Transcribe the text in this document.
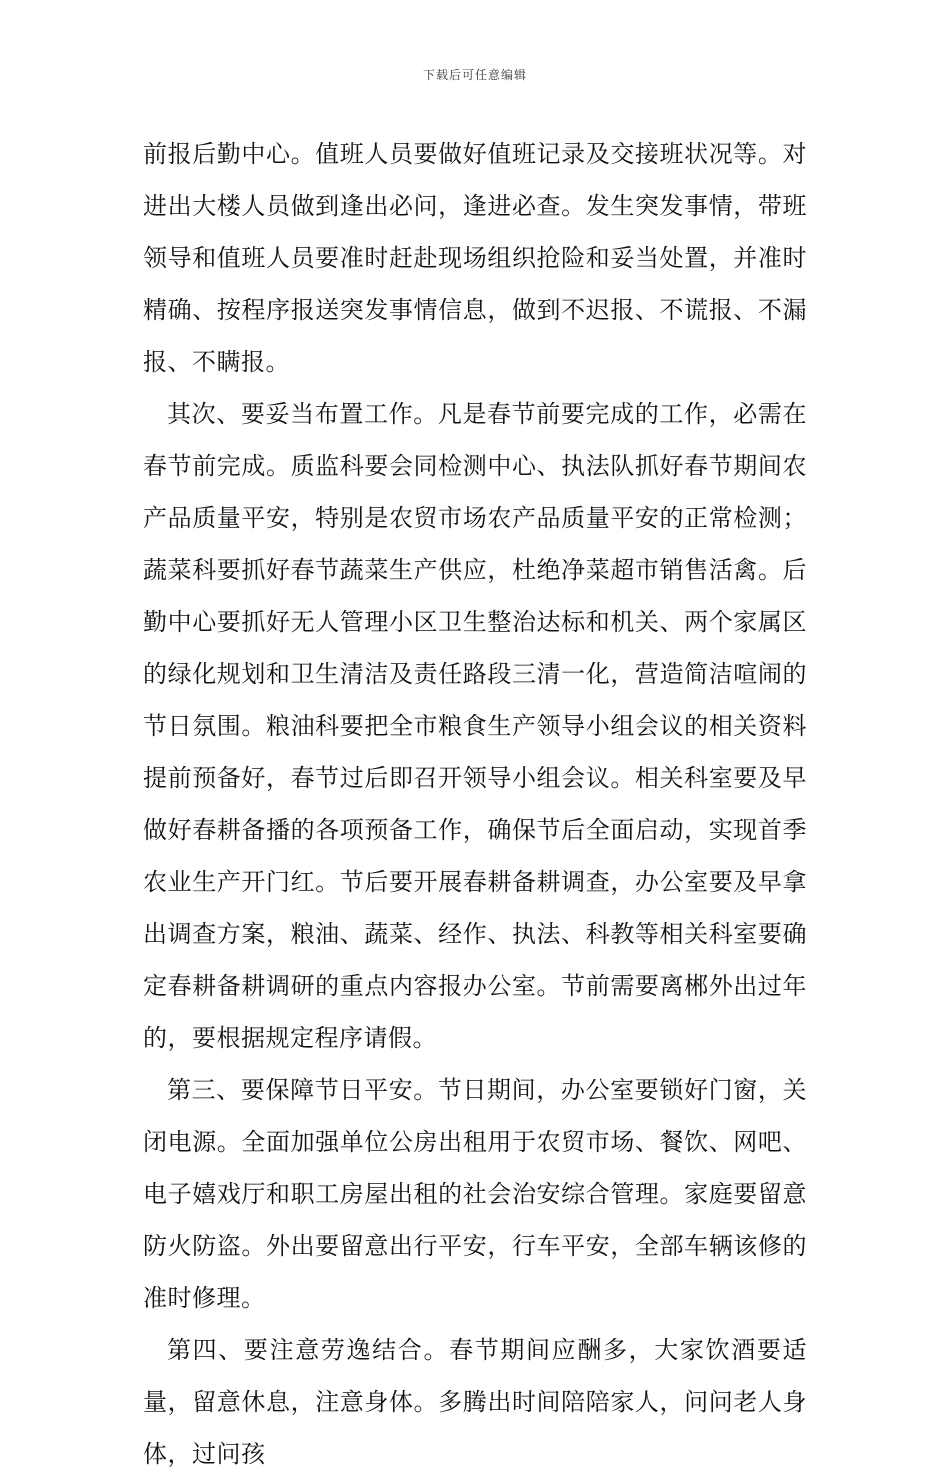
下载后可任意编辑

前报后勤中心。值班人员要做好值班记录及交接班状况等。对进出大楼人员做到逢出必问，逢进必查。发生突发事情，带班领导和值班人员要准时赶赴现场组织抢险和妥当处置，并准时精确、按程序报送突发事情信息，做到不迟报、不谎报、不漏报、不瞒报。

其次、要妥当布置工作。凡是春节前要完成的工作，必需在春节前完成。质监科要会同检测中心、执法队抓好春节期间农产品质量平安，特别是农贸市场农产品质量平安的正常检测；蔬菜科要抓好春节蔬菜生产供应，杜绝净菜超市销售活禽。后勤中心要抓好无人管理小区卫生整治达标和机关、两个家属区的绿化规划和卫生清洁及责任路段三清一化，营造简洁喧闹的节日氛围。粮油科要把全市粮食生产领导小组会议的相关资料提前预备好，春节过后即召开领导小组会议。相关科室要及早做好春耕备播的各项预备工作，确保节后全面启动，实现首季农业生产开门红。节后要开展春耕备耕调查，办公室要及早拿出调查方案，粮油、蔬菜、经作、执法、科教等相关科室要确定春耕备耕调研的重点内容报办公室。节前需要离郴外出过年的，要根据规定程序请假。

第三、要保障节日平安。节日期间，办公室要锁好门窗，关闭电源。全面加强单位公房出租用于农贸市场、餐饮、网吧、电子嬉戏厅和职工房屋出租的社会治安综合管理。家庭要留意防火防盗。外出要留意出行平安，行车平安，全部车辆该修的准时修理。

第四、要注意劳逸结合。春节期间应酬多，大家饮酒要适量，留意休息，注意身体。多腾出时间陪陪家人，问问老人身体，过问孩
